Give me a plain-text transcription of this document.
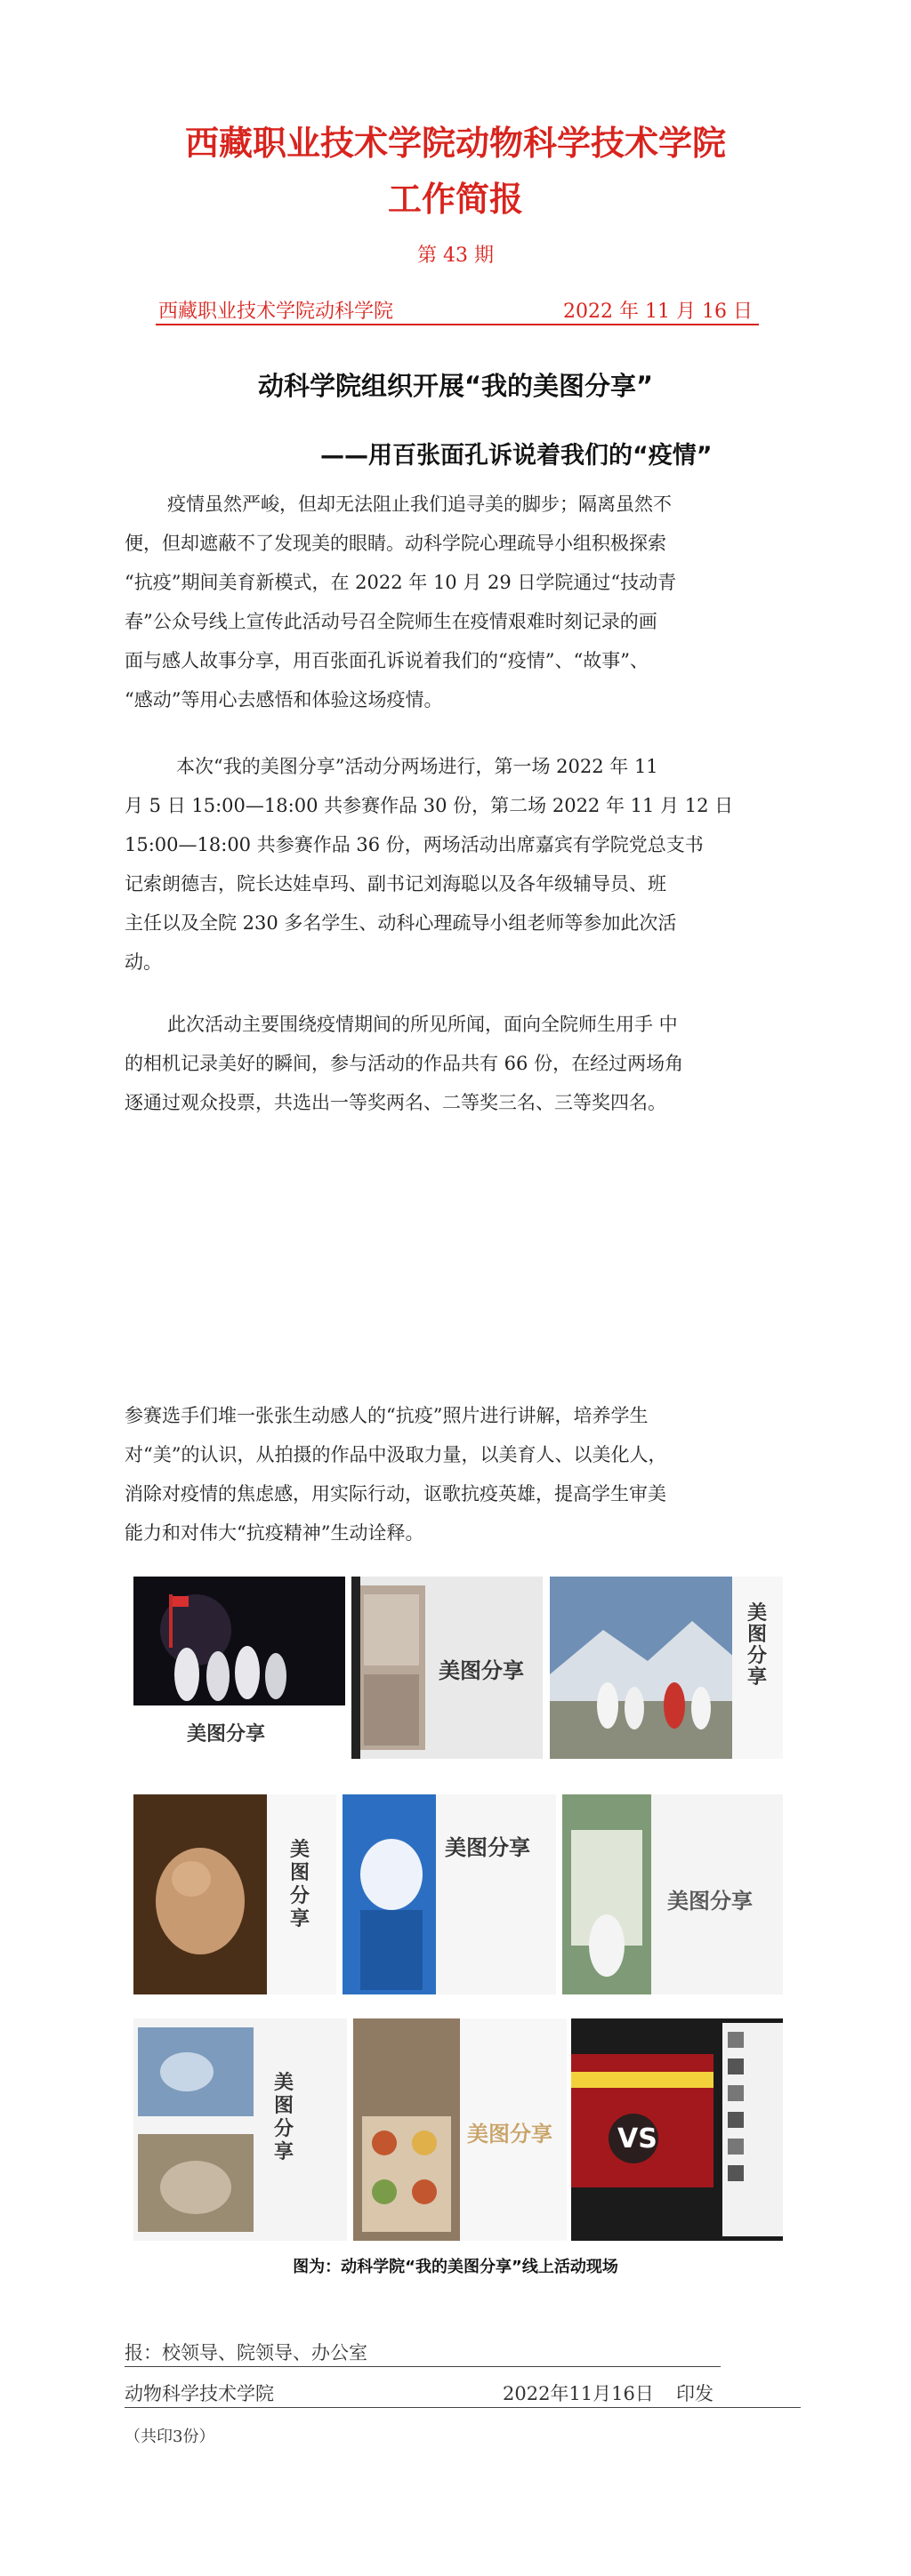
西藏职业技术学院动物科学技术学院
工作简报
第 43 期
西藏职业技术学院动科学院	2022 年 11 月 16 日
动科学院组织开展“我的美图分享”
——用百张面孔诉说着我们的“疫情”
疫情虽然严峻，但却无法阻止我们追寻美的脚步；隔离虽然不
便，但却遮蔽不了发现美的眼睛。动科学院心理疏导小组积极探索
“抗疫”期间美育新模式，在 2022 年 10 月 29 日学院通过“技动青
春”公众号线上宣传此活动号召全院师生在疫情艰难时刻记录的画
面与感人故事分享，用百张面孔诉说着我们的“疫情”、“故事”、
“感动”等用心去感悟和体验这场疫情。
本次“我的美图分享”活动分两场进行，第一场 2022 年 11
月 5 日 15:00—18:00 共参赛作品 30 份，第二场 2022 年 11 月 12 日
15:00—18:00 共参赛作品 36 份，两场活动出席嘉宾有学院党总支书
记索朗德吉，院长达娃卓玛、副书记刘海聪以及各年级辅导员、班
主任以及全院 230 多名学生、动科心理疏导小组老师等参加此次活
动。
此次活动主要围绕疫情期间的所见所闻，面向全院师生用手 中
的相机记录美好的瞬间，参与活动的作品共有 66 份，在经过两场角
逐通过观众投票，共选出一等奖两名、二等奖三名、三等奖四名。
参赛选手们堆一张张生动感人的“抗疫”照片进行讲解，培养学生
对“美”的认识，从拍摄的作品中汲取力量，以美育人、以美化人，
消除对疫情的焦虑感，用实际行动，讴歌抗疫英雄，提高学生审美
能力和对伟大“抗疫精神”生动诠释。
美图分享
美图分享
美
图
分
享
美
图
分
享
美图分享
美图分享
美
图
分
享
美图分享 VS
图为：动科学院“我的美图分享”线上活动现场
报：校领导、院领导、办公室
动物科学技术学院	2022年11月16日 印发
（共印3份）
